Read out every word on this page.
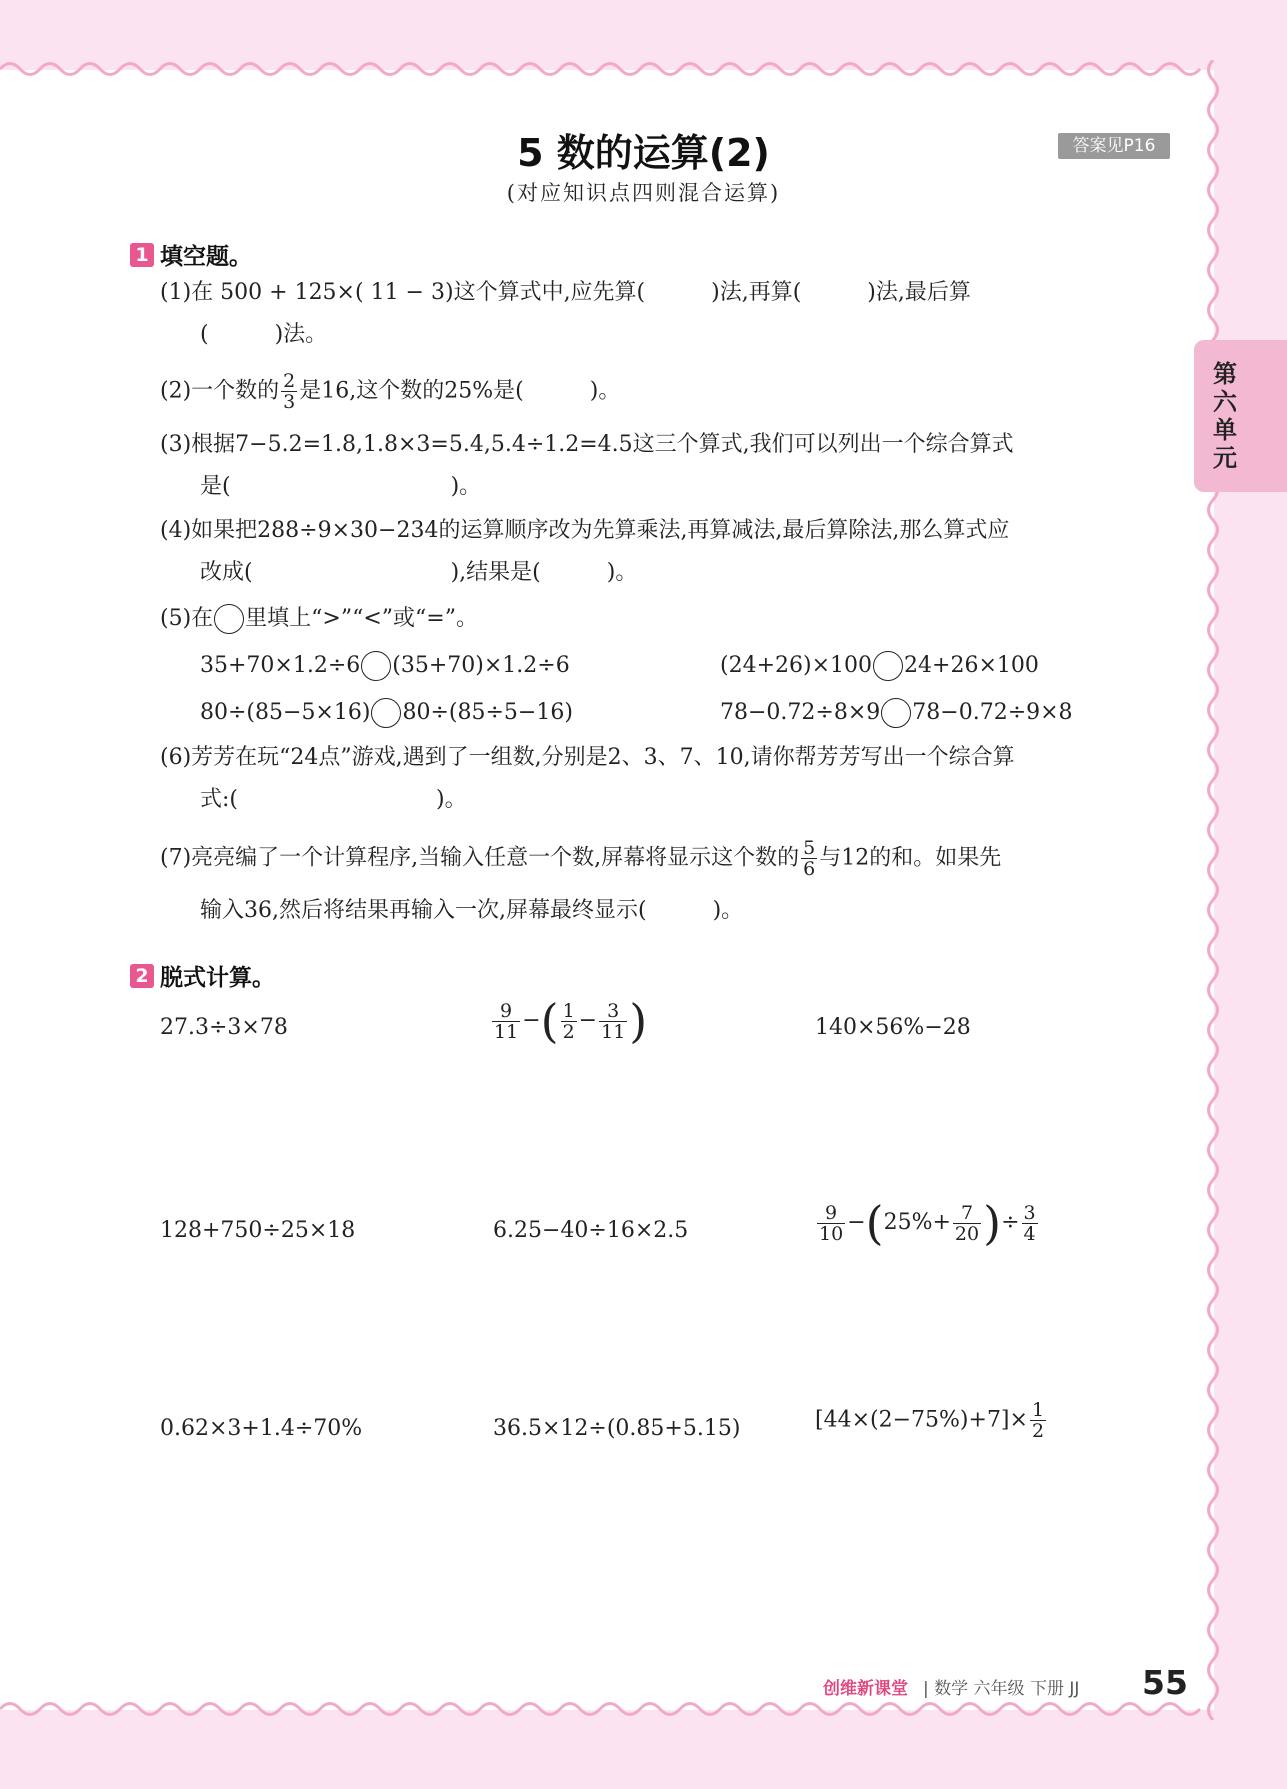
5 数的运算(2)
(对应知识点四则混合运算)
答案见P16
第六单元
1 填空题。
(1)在 500 + 125×( 11 − 3)这个算式中,应先算(　　　)法,再算(　　　)法,最后算
(　　　)法。
(2)一个数的 $\frac{2}{3}$ 是16,这个数的25%是(　　　)。
(3)根据7−5.2=1.8,1.8×3=5.4,5.4÷1.2=4.5这三个算式,我们可以列出一个综合算式
是(　　　　　　　　　　)。
(4)如果把288÷9×30−234的运算顺序改为先算乘法,再算减法,最后算除法,那么算式应
改成(　　　　　　　　　),结果是(　　　)。
(5)在 里填上“>”“<”或“=”。
35+70×1.2÷6 (35+70)×1.2÷6	(24+26)×100 24+26×100
80÷(85−5×16) 80÷(85÷5−16)	78−0.72÷8×9 78−0.72÷9×8
(6)芳芳在玩“24点”游戏,遇到了一组数,分别是2、3、7、10,请你帮芳芳写出一个综合算
式:(　　　　　　　　　)。
(7)亮亮编了一个计算程序,当输入任意一个数,屏幕将显示这个数的 $\frac{5}{6}$ 与12的和。如果先
输入36,然后将结果再输入一次,屏幕最终显示(　　　)。
2 脱式计算。
27.3÷3×78	$\frac{9}{11}$ −( $\frac{1}{2} - \frac{3}{11}$ )	140×56%−28
128+750÷25×18	6.25−40÷16×2.5	$\frac{9}{10} -(25\%+ \frac{7}{20}$ )÷ $\frac{3}{4}$
0.62×3+1.4÷70%	36.5×12÷(0.85+5.15)	$[44\times(2-75\%)+7]\times \frac{1}{2}$
创维新课堂 | 数学 六年级 下册 JJ 55
